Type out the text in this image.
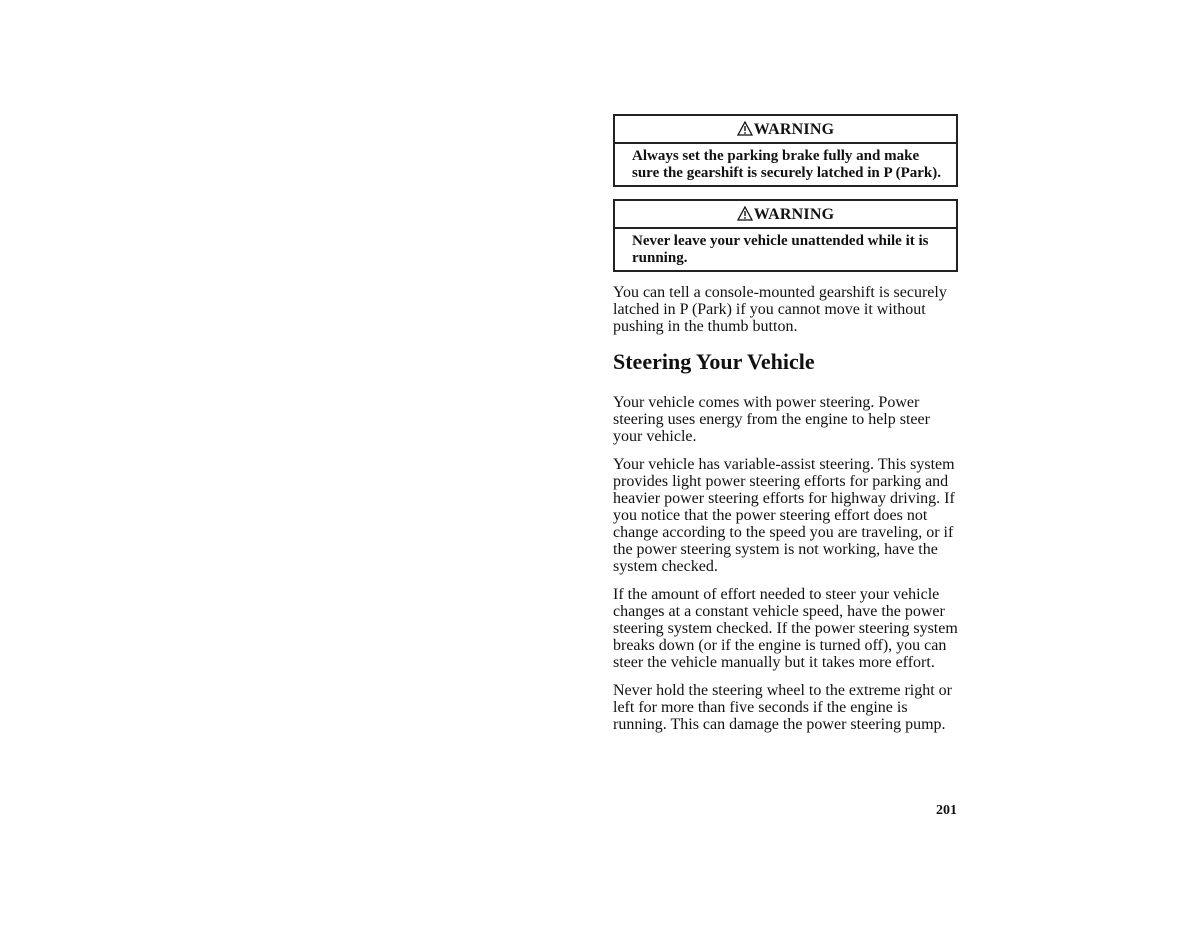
WARNING
Always set the parking brake fully and make sure the gearshift is securely latched in P (Park).
WARNING
Never leave your vehicle unattended while it is running.

You can tell a console-mounted gearshift is securely latched in P (Park) if you cannot move it without pushing in the thumb button.

Steering Your Vehicle

Your vehicle comes with power steering. Power steering uses energy from the engine to help steer your vehicle.

Your vehicle has variable-assist steering. This system provides light power steering efforts for parking and heavier power steering efforts for highway driving. If you notice that the power steering effort does not change according to the speed you are traveling, or if the power steering system is not working, have the system checked.

If the amount of effort needed to steer your vehicle changes at a constant vehicle speed, have the power steering system checked. If the power steering system breaks down (or if the engine is turned off), you can steer the vehicle manually but it takes more effort.

Never hold the steering wheel to the extreme right or left for more than five seconds if the engine is running. This can damage the power steering pump.

201
